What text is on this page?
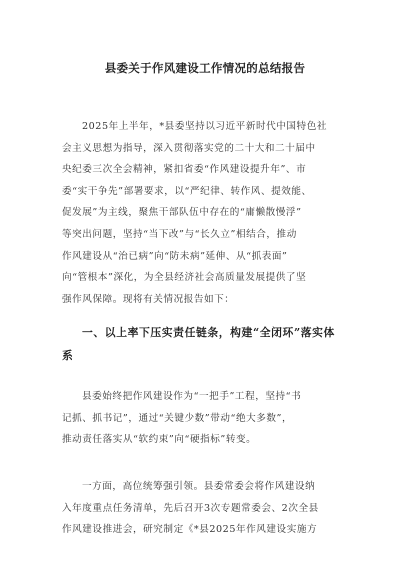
县委关于作风建设工作情况的总结报告
2025年上半年，*县委坚持以习近平新时代中国特色社
会主义思想为指导，深入贯彻落实党的二十大和二十届中
央纪委三次全会精神，紧扣省委“作风建设提升年”、市
委“实干争先”部署要求，以“严纪律、转作风、提效能、
促发展”为主线，聚焦干部队伍中存在的“庸懒散慢浮”
等突出问题，坚持“当下改”与“长久立”相结合，推动
作风建设从“治已病”向“防未病”延伸、从“抓表面”
向“管根本”深化，为全县经济社会高质量发展提供了坚
强作风保障。现将有关情况报告如下：
一、以上率下压实责任链条，构建“全闭环”落实体
系
县委始终把作风建设作为“一把手”工程，坚持“书
记抓、抓书记”，通过“关键少数”带动“绝大多数”，
推动责任落实从“软约束”向“硬指标”转变。
一方面，高位统筹强引领。县委常委会将作风建设纳
入年度重点任务清单，先后召开3次专题常委会、2次全县
作风建设推进会，研究制定《*县2025年作风建设实施方
